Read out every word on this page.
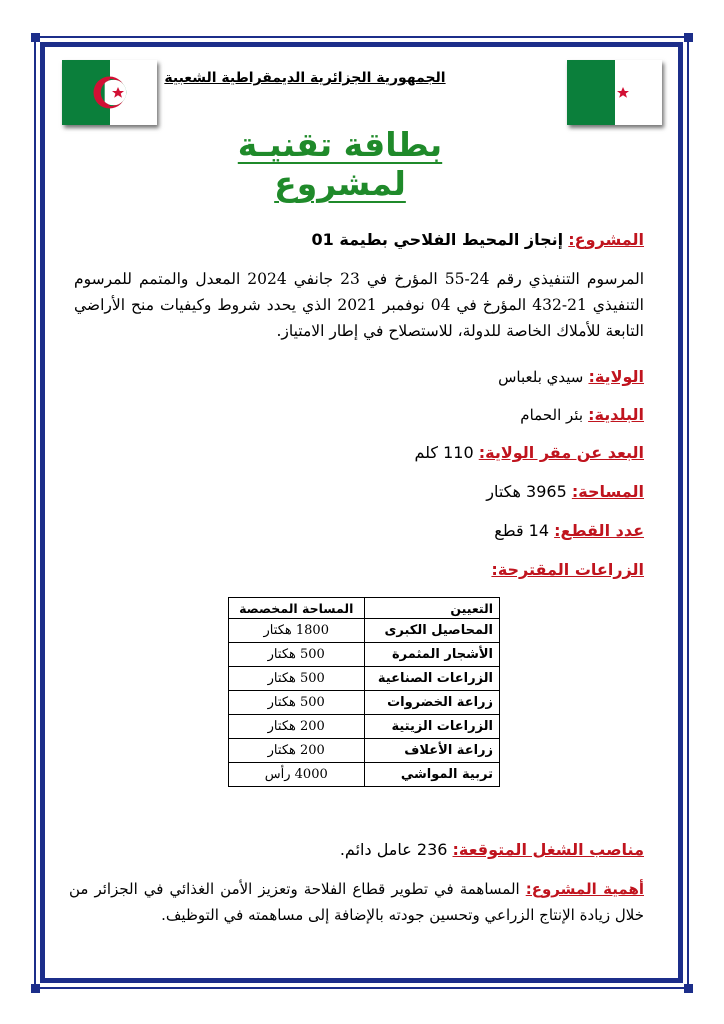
الجمهورية الجزائرية الديمقراطية الشعبية
بطاقة تقنيـة لمشروع
المشروع: إنجاز المحيط الفلاحي بطيمة 01
المرسوم التنفيذي رقم 24-55 المؤرخ في 23 جانفي 2024 المعدل والمتمم للمرسوم التنفيذي 21-432 المؤرخ في 04 نوفمبر 2021 الذي يحدد شروط وكيفيات منح الأراضي التابعة للأملاك الخاصة للدولة، للاستصلاح في إطار الامتياز.
الولاية: سيدي بلعباس
البلدية: بئر الحمام
البعد عن مقر الولاية: 110 كلم
المساحة: 3965 هكتار
عدد القطع: 14 قطع
الزراعات المقترحة:
التعيين	المساحة المخصصة
المحاصيل الكبرى	1800 هكتار
الأشجار المثمرة	500 هكتار
الزراعات الصناعية	500 هكتار
زراعة الخضروات	500 هكتار
الزراعات الزيتية	200 هكتار
زراعة الأعلاف	200 هكتار
تربية المواشي	4000 رأس
مناصب الشغل المتوقعة: 236 عامل دائم.
أهمية المشروع: المساهمة في تطوير قطاع الفلاحة وتعزيز الأمن الغذائي في الجزائر من خلال زيادة الإنتاج الزراعي وتحسين جودته بالإضافة إلى مساهمته في التوظيف.
